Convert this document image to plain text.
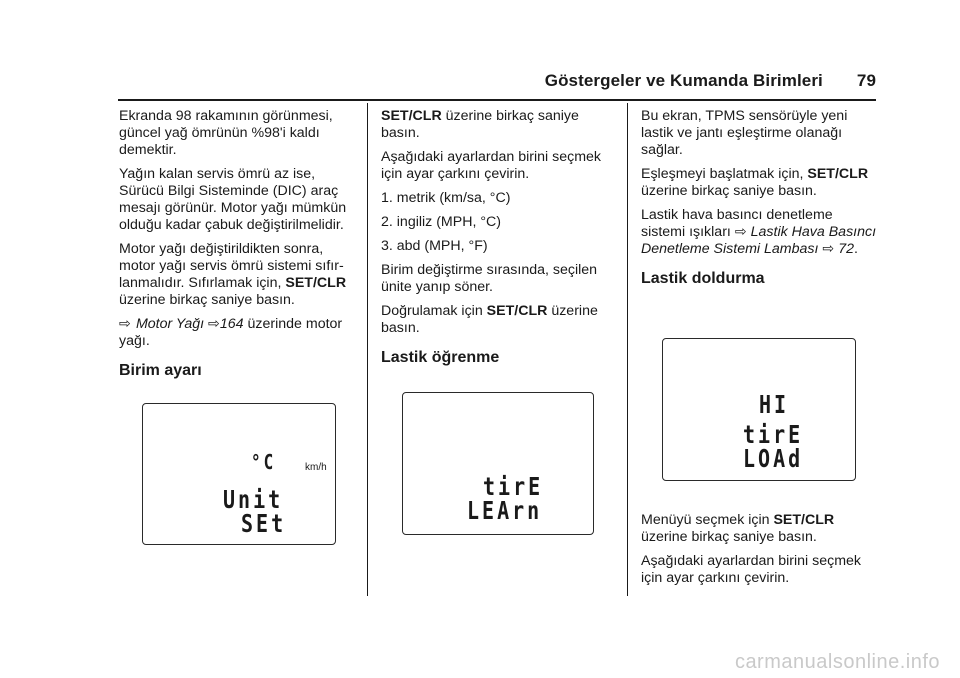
Göstergeler ve Kumanda Birimleri 79

Ekranda 98 rakamının görünmesi, güncel yağ ömrünün %98'i kaldı demektir.

Yağın kalan servis ömrü az ise, Sürücü Bilgi Sisteminde (DIC) araç mesajı görünür. Motor yağı mümkün olduğu kadar çabuk değiştirilmelidir.

Motor yağı değiştirildikten sonra, motor yağı servis ömrü sistemi sıfır- lanmalıdır. Sıfırlamak için, SET/CLR üzerine birkaç saniye basın.

⇨ Motor Yağı ⇨164 üzerinde motor yağı.

Birim ayarı
°C	km/h
Unit
SEt

SET/CLR üzerine birkaç saniye basın.

Aşağıdaki ayarlardan birini seçmek için ayar çarkını çevirin.

1. metrik (km/sa, °C)

2. ingiliz (MPH, °C)

3. abd (MPH, °F)

Birim değiştirme sırasında, seçilen ünite yanıp söner.

Doğrulamak için SET/CLR üzerine basın.

Lastik öğrenme
tirE
LEArn

Bu ekran, TPMS sensörüyle yeni lastik ve jantı eşleştirme olanağı sağlar.

Eşleşmeyi başlatmak için, SET/CLR üzerine birkaç saniye basın.

Lastik hava basıncı denetleme sistemi ışıkları ⇨ Lastik Hava Basıncı Denetleme Sistemi Lambası ⇨ 72.

Lastik doldurma
HI
tirE
LOAd

Menüyü seçmek için SET/CLR üzerine birkaç saniye basın.

Aşağıdaki ayarlardan birini seçmek için ayar çarkını çevirin.

carmanualsonline.info
